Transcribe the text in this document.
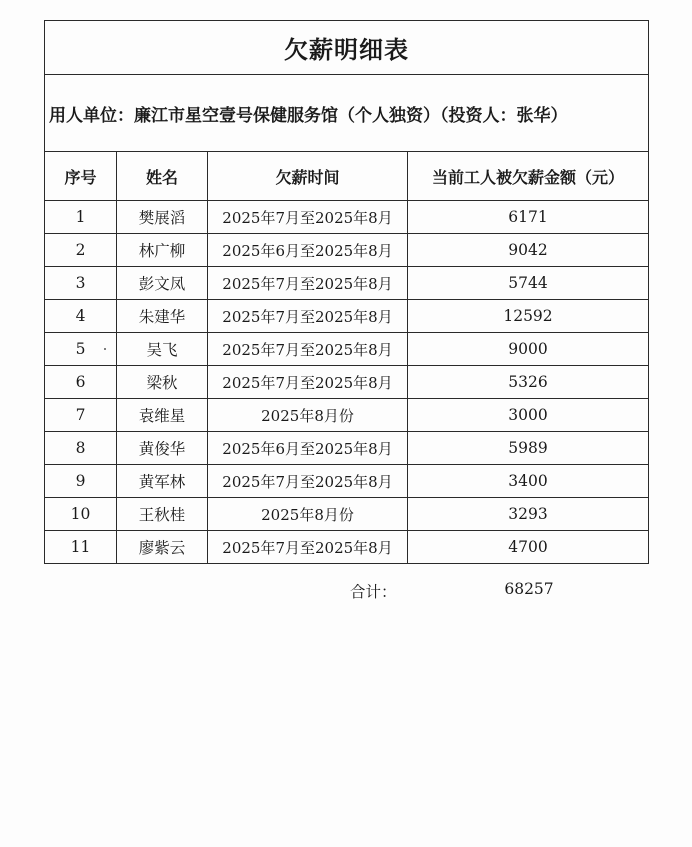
欠薪明细表			
用人单位：廉江市星空壹号保健服务馆（个人独资）（投资人：张华）			
序号	姓名	欠薪时间	当前工人被欠薪金额（元）
1	樊展滔	2025年7月至2025年8月	6171
2	林广柳	2025年6月至2025年8月	9042
3	彭文凤	2025年7月至2025年8月	5744
4	朱建华	2025年7月至2025年8月	12592
5	吴飞	2025年7月至2025年8月	9000
6	梁秋	2025年7月至2025年8月	5326
7	袁维星	2025年8月份	3000
8	黄俊华	2025年6月至2025年8月	5989
9	黄军林	2025年7月至2025年8月	3400
10	王秋桂	2025年8月份	3293
11	廖紫云	2025年7月至2025年8月	4700
合计：	68257
